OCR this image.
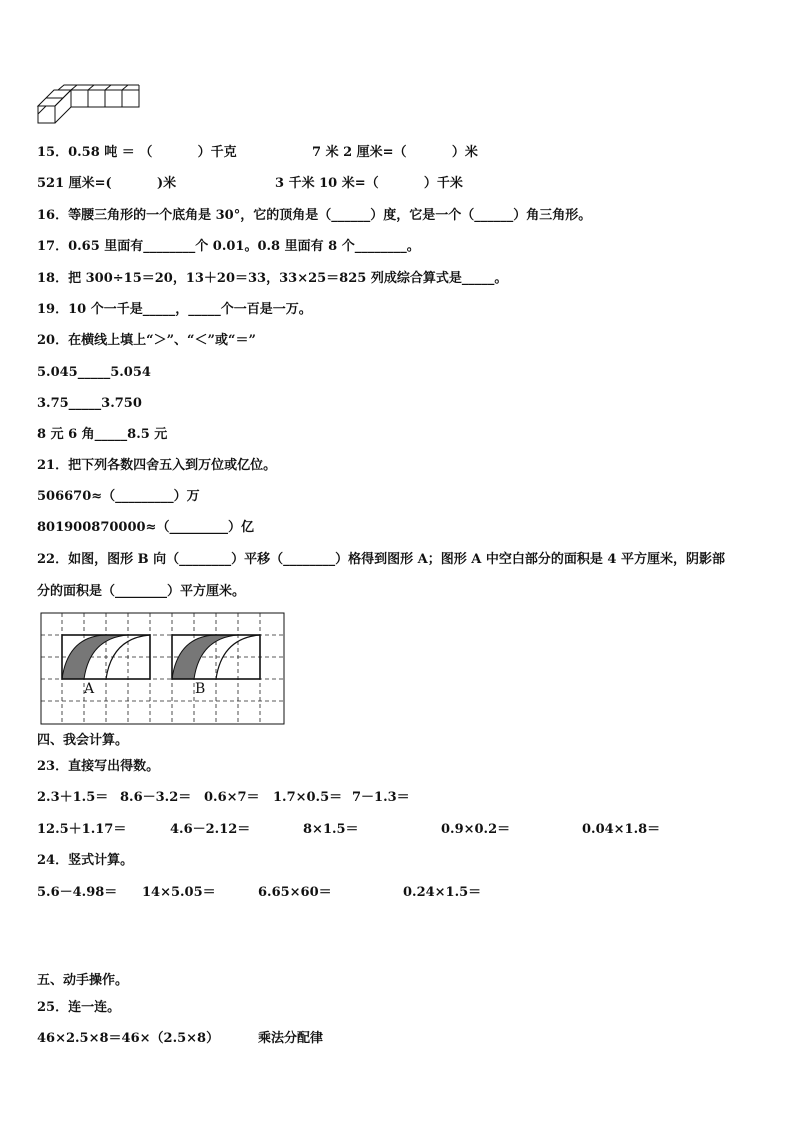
15．0.58 吨 ＝ （          ）千克	7 米 2 厘米=（          ）米
521 厘米=(          )米	3 千米 10 米=（          ）千米
16．等腰三角形的一个底角是 30°，它的顶角是（______）度，它是一个（______）角三角形。
17．0.65 里面有________个 0.01。0.8 里面有 8 个________。
18．把 300÷15＝20，13＋20＝33，33×25＝825 列成综合算式是_____。
19．10 个一千是_____，_____个一百是一万。
20．在横线上填上“＞”、“＜”或“＝”
5.045_____5.054
3.75_____3.750
8 元 6 角_____8.5 元
21．把下列各数四舍五入到万位或亿位。
506670≈（_________）万
801900870000≈（_________）亿
22．如图，图形 B 向（________）平移（________）格得到图形 A；图形 A 中空白部分的面积是 4 平方厘米，阴影部
分的面积是（________）平方厘米。
A	B
四、我会计算。
23．直接写出得数。
2.3＋1.5＝ 8.6－3.2＝ 0.6×7＝ 1.7×0.5＝ 7－1.3＝
12.5＋1.17＝	4.6－2.12＝	8×1.5＝	0.9×0.2＝	0.04×1.8＝
24．竖式计算。
5.6－4.98＝ 14×5.05＝	6.65×60＝	0.24×1.5＝
五、动手操作。
25．连一连。
46×2.5×8＝46×（2.5×8）	乘法分配律
